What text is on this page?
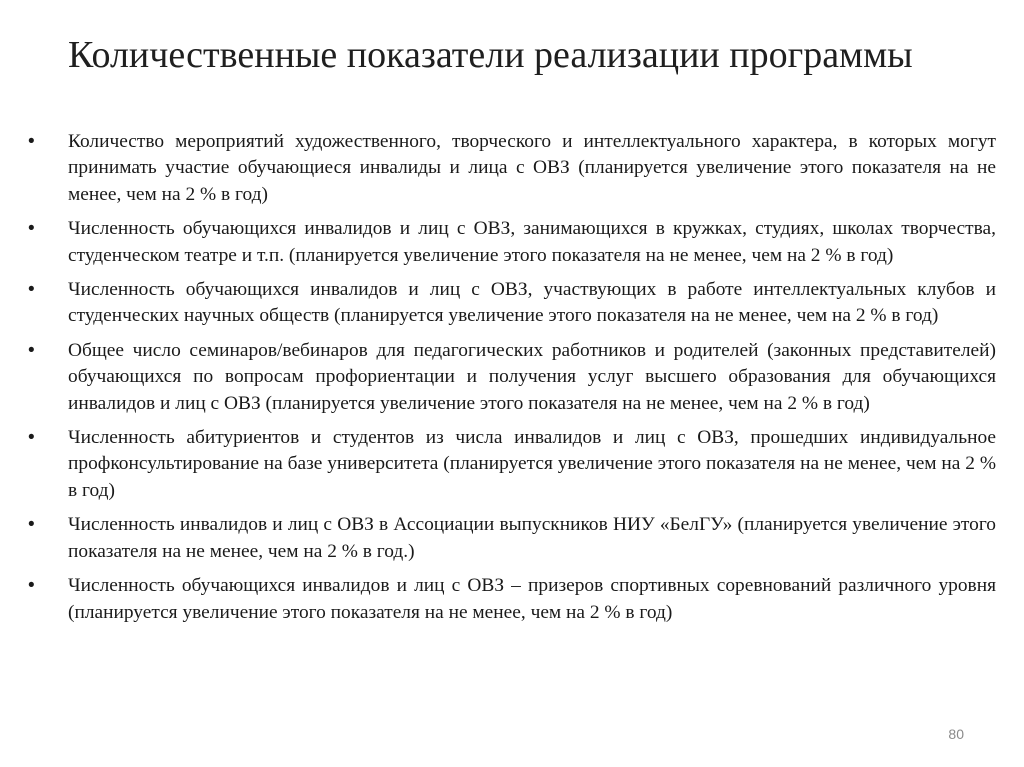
Количественные показатели реализации программы
•	Количество мероприятий художественного, творческого и интеллектуального характера, в которых могут принимать участие обучающиеся инвалиды и лица с ОВЗ (планируется увеличение этого показателя на не менее, чем на 2 % в год)
•	Численность обучающихся инвалидов и лиц с ОВЗ, занимающихся в кружках, студиях, школах творчества, студенческом театре и т.п. (планируется увеличение этого показателя на не менее, чем на 2 % в год)
•	Численность обучающихся инвалидов и лиц с ОВЗ, участвующих в работе интеллектуальных клубов и студенческих научных обществ (планируется увеличение этого показателя на не менее, чем на 2 % в год)
•	Общее число семинаров/вебинаров для педагогических работников и родителей (законных представителей) обучающихся по вопросам профориентации и получения услуг высшего образования для обучающихся инвалидов и лиц с ОВЗ (планируется увеличение этого показателя на не менее, чем на 2 % в год)
•	Численность абитуриентов и студентов из числа инвалидов и лиц с ОВЗ, прошедших индивидуальное профконсультирование на базе университета (планируется увеличение этого показателя на не менее, чем на 2 % в год)
•	Численность инвалидов и лиц с ОВЗ в Ассоциации выпускников НИУ «БелГУ» (планируется увеличение этого показателя на не менее, чем на 2 % в год.)
•	Численность обучающихся инвалидов и лиц с ОВЗ – призеров спортивных соревнований различного уровня (планируется увеличение этого показателя на не менее, чем на 2 % в год)
80
